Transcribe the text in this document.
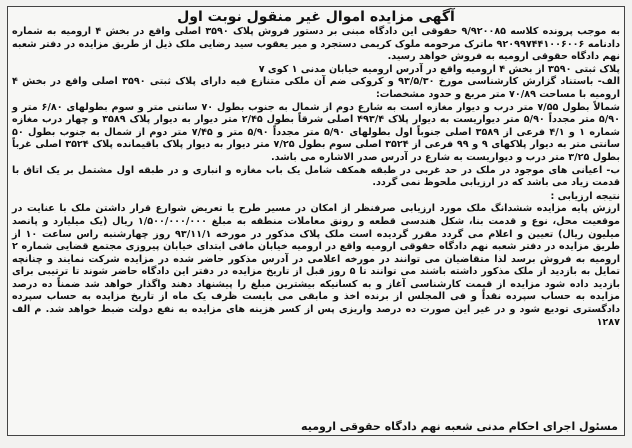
آگهی مزایده اموال غیر منقول نوبت اول

به موجب پرونده کلاسه ۹/۹۲۰۰۸۵ حقوقی این دادگاه مبنی بر دستور فروش پلاک ۳۵۹۰ اصلی واقع در بخش ۴ ارومیه به شماره دادنامه ۹۲۰۹۹۷۴۴۱۰۰۶۰۰۶ ماترک مرحومه ملوک کریمی دستجرد و میر یعقوب سید رضایی ملک ذیل از طریق مزایده در دفتر شعبه نهم دادگاه حقوقی ارومیه به فروش خواهد رسید.

پلاک ثبتی ۳۵۹۰ از بخش ۴ ارومیه واقع در آدرس ارومیه خیابان مدنی ۱ کوی ۷

الف- باستناد گزارش کارشناسی مورخ ۹۳/۵/۳۰ و کروکی ضم آن ملکی متنازع فیه دارای پلاک ثبتی ۳۵۹۰ اصلی واقع در بخش ۴ ارومیه با مساحت ۷۰/۸۹ متر مربع و حدود مشخصات:

شمالاً بطول ۷/۵۵ متر درب و دیوار مغازه است به شارع دوم از شمال به جنوب بطول ۷۰ سانتی متر و سوم بطولهای ۶/۸۰ متر و ۵/۹۰ متر مجدداً ۵/۹۰ متر دیواریست به دیوار پلاک ۴۹۳/۴ اصلی شرقاً بطول ۲/۴۵ متر دیوار به دیوار پلاک ۳۵۸۹ و چهار درب مغازه شماره ۱ و ۴/۱ فرعی از ۳۵۸۹ اصلی جنوباً اول بطولهای ۵/۹۰ متر مجدداً ۵/۹۰ متر و ۷/۴۵ متر دوم از شمال به جنوب بطول ۵۰ سانتی متر به دیوار پلاکهای ۹ و ۹۹ فرعی از ۳۵۲۴ اصلی سوم بطول ۷/۲۵ متر دیوار به دیوار پلاک باقیمانده پلاک ۳۵۲۴ اصلی غرباً بطول ۳/۲۵ متر درب و دیواریست به شارع در آدرس صدر الاشاره می باشد.

ب- اعیانی های موجود در ملک در حد غربی در طبقه همکف شامل یک باب مغازه و انباری و در طبقه اول مشتمل بر یک اتاق با قدمت زیاد می باشد که در ارزیابی ملحوظ نمی گردد.

نتیجه ارزیابی :

ارزش پایه مزایده ششدانگ ملک مورد ارزیابی صرفنظر از امکان در مسیر طرح یا تعریض شوارع قرار داشتن ملک با عنایت در موقعیت محل، نوع و قدمت بنا، شکل هندسی قطعه و رونق معاملات منطقه به مبلغ ۱/۵۰۰/۰۰۰/۰۰۰ ریال (یک میلیارد و پانصد میلیون ریال) تعیین و اعلام می گردد مقرر گردیده است ملک پلاک مذکور در مورخه ۹۳/۱۱/۱ روز چهارشنبه راس ساعت ۱۰ از طریق مزایده در دفتر شعبه نهم دادگاه حقوقی ارومیه واقع در ارومیه خیابان مافی ابتدای خیابان پیروزی مجتمع قضایی شماره ۲ ارومیه به فروش برسد لذا متقاضیان می توانند در مورخه اعلامی در آدرس مذکور حاضر شده در مزایده شرکت نمایند و چنانچه تمایل به بازدید از ملک مذکور داشته باشند می توانند تا ۵ روز قبل از تاریخ مزایده در دفتر این دادگاه حاضر شوند تا ترتیبی برای بازدید داده شود مزایده از قیمت کارشناسی آغاز و به کسانیکه بیشترین مبلغ را پیشنهاد دهند واگذار خواهد شد ضمناً ده درصد مزایده به حساب سپرده نقداً و فی المجلس از برنده اخذ و مابقی می بایست ظرف یک ماه از تاریخ مزایده به حساب سپرده دادگستری تودیع شود و در غیر این صورت ده درصد واریزی پس از کسر هزینه های مزایده به نفع دولت ضبط خواهد شد. م الف ۱۲۸۷

مسئول اجرای احکام مدنی شعبه نهم دادگاه حقوقی ارومیه
